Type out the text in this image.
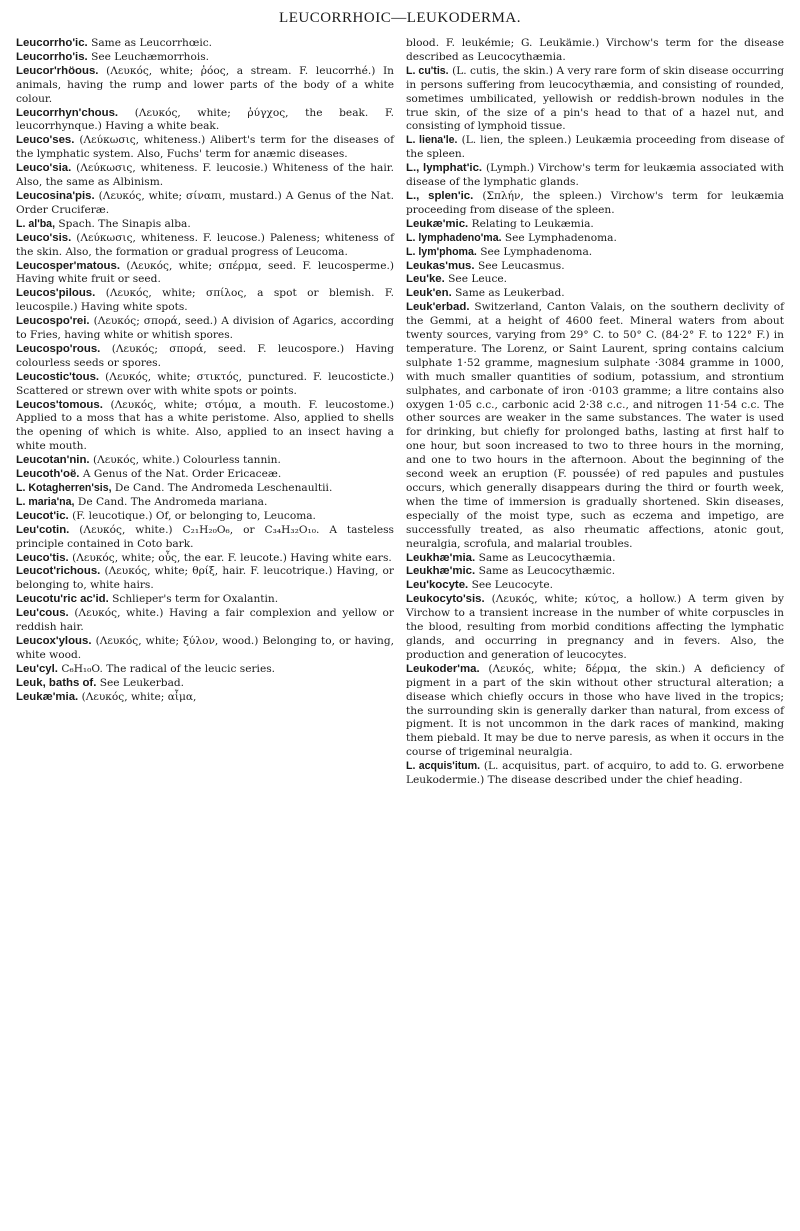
LEUCORRHOIC—LEUKODERMA.

Leucorrho'ic. Same as Leucorrhœic.

Leucorrho'is. See Leuchæmorrhois.

Leucor'rhöous. (Λευκός, white; ῥόος, a stream. F. leucorrhé.) In animals, having the rump and lower parts of the body of a white colour.

Leucorrhyn'chous. (Λευκός, white; ῥύγχος, the beak. F. leucorrhynque.) Having a white beak.

Leuco'ses. (Λεύκωσις, whiteness.) Alibert's term for the diseases of the lymphatic system. Also, Fuchs' term for anæmic diseases.

Leuco'sia. (Λεύκωσις, whiteness. F. leucosie.) Whiteness of the hair. Also, the same as Albinism.

Leucosina'pis. (Λευκός, white; σίναπι, mustard.) A Genus of the Nat. Order Cruciferæ.

L. al'ba, Spach. The Sinapis alba.

Leuco'sis. (Λεύκωσις, whiteness. F. leucose.) Paleness; whiteness of the skin. Also, the formation or gradual progress of Leucoma.

Leucosper'matous. (Λευκός, white; σπέρμα, seed. F. leucosperme.) Having white fruit or seed.

Leucos'pilous. (Λευκός, white; σπίλος, a spot or blemish. F. leucospile.) Having white spots.

Leucospo'rei. (Λευκός; σπορά, seed.) A division of Agarics, according to Fries, having white or whitish spores.

Leucospo'rous. (Λευκός; σπορά, seed. F. leucospore.) Having colourless seeds or spores.

Leucostic'tous. (Λευκός, white; στικτός, punctured. F. leucosticte.) Scattered or strewn over with white spots or points.

Leucos'tomous. (Λευκός, white; στόμα, a mouth. F. leucostome.) Applied to a moss that has a white peristome. Also, applied to shells the opening of which is white. Also, applied to an insect having a white mouth.

Leucotan'nin. (Λευκός, white.) Colourless tannin.

Leucoth'oë. A Genus of the Nat. Order Ericaceæ.

L. Kotagherren'sis, De Cand. The Andromeda Leschenaultii.

L. maria'na, De Cand. The Andromeda mariana.

Leucot'ic. (F. leucotique.) Of, or belonging to, Leucoma.

Leu'cotin. (Λευκός, white.) C₂₁H₂₀O₆, or C₃₄H₃₂O₁₀. A tasteless principle contained in Coto bark.

Leuco'tis. (Λευκός, white; οὖς, the ear. F. leucote.) Having white ears.

Leucot'richous. (Λευκός, white; θρίξ, hair. F. leucotrique.) Having, or belonging to, white hairs.

Leucotu'ric ac'id. Schlieper's term for Oxalantin.

Leu'cous. (Λευκός, white.) Having a fair complexion and yellow or reddish hair.

Leucox'ylous. (Λευκός, white; ξύλον, wood.) Belonging to, or having, white wood.

Leu'cyl. C₆H₁₀O. The radical of the leucic series.

Leuk, baths of. See Leukerbad.

Leukæ'mia. (Λευκός, white; αἷμα,

blood. F. leukémie; G. Leukämie.) Virchow's term for the disease described as Leucocythæmia.

L. cu'tis. (L. cutis, the skin.) A very rare form of skin disease occurring in persons suffering from leucocythæmia, and consisting of rounded, sometimes umbilicated, yellowish or reddish-brown nodules in the true skin, of the size of a pin's head to that of a hazel nut, and consisting of lymphoid tissue.

L. liena'le. (L. lien, the spleen.) Leukæmia proceeding from disease of the spleen.

L., lymphat'ic. (Lymph.) Virchow's term for leukæmia associated with disease of the lymphatic glands.

L., splen'ic. (Σπλήν, the spleen.) Virchow's term for leukæmia proceeding from disease of the spleen.

Leukæ'mic. Relating to Leukæmia.

L. lymphadeno'ma. See Lymphadenoma.

L. lym'phoma. See Lymphadenoma.

Leukas'mus. See Leucasmus.

Leu'ke. See Leuce.

Leuk'en. Same as Leukerbad.

Leuk'erbad. Switzerland, Canton Valais, on the southern declivity of the Gemmi, at a height of 4600 feet. Mineral waters from about twenty sources, varying from 29° C. to 50° C. (84·2° F. to 122° F.) in temperature. The Lorenz, or Saint Laurent, spring contains calcium sulphate 1·52 gramme, magnesium sulphate ·3084 gramme in 1000, with much smaller quantities of sodium, potassium, and strontium sulphates, and carbonate of iron ·0103 gramme; a litre contains also oxygen 1·05 c.c., carbonic acid 2·38 c.c., and nitrogen 11·54 c.c. The other sources are weaker in the same substances. The water is used for drinking, but chiefly for prolonged baths, lasting at first half to one hour, but soon increased to two to three hours in the morning, and one to two hours in the afternoon. About the beginning of the second week an eruption (F. poussée) of red papules and pustules occurs, which generally disappears during the third or fourth week, when the time of immersion is gradually shortened. Skin diseases, especially of the moist type, such as eczema and impetigo, are successfully treated, as also rheumatic affections, atonic gout, neuralgia, scrofula, and malarial troubles.

Leukhæ'mia. Same as Leucocythæmia.

Leukhæ'mic. Same as Leucocythæmic.

Leu'kocyte. See Leucocyte.

Leukocyto'sis. (Λευκός, white; κύτος, a hollow.) A term given by Virchow to a transient increase in the number of white corpuscles in the blood, resulting from morbid conditions affecting the lymphatic glands, and occurring in pregnancy and in fevers. Also, the production and generation of leucocytes.

Leukoder'ma. (Λευκός, white; δέρμα, the skin.) A deficiency of pigment in a part of the skin without other structural alteration; a disease which chiefly occurs in those who have lived in the tropics; the surrounding skin is generally darker than natural, from excess of pigment. It is not uncommon in the dark races of mankind, making them piebald. It may be due to nerve paresis, as when it occurs in the course of trigeminal neuralgia.

L. acquis'itum. (L. acquisitus, part. of acquiro, to add to. G. erworbene Leukodermie.) The disease described under the chief heading.
